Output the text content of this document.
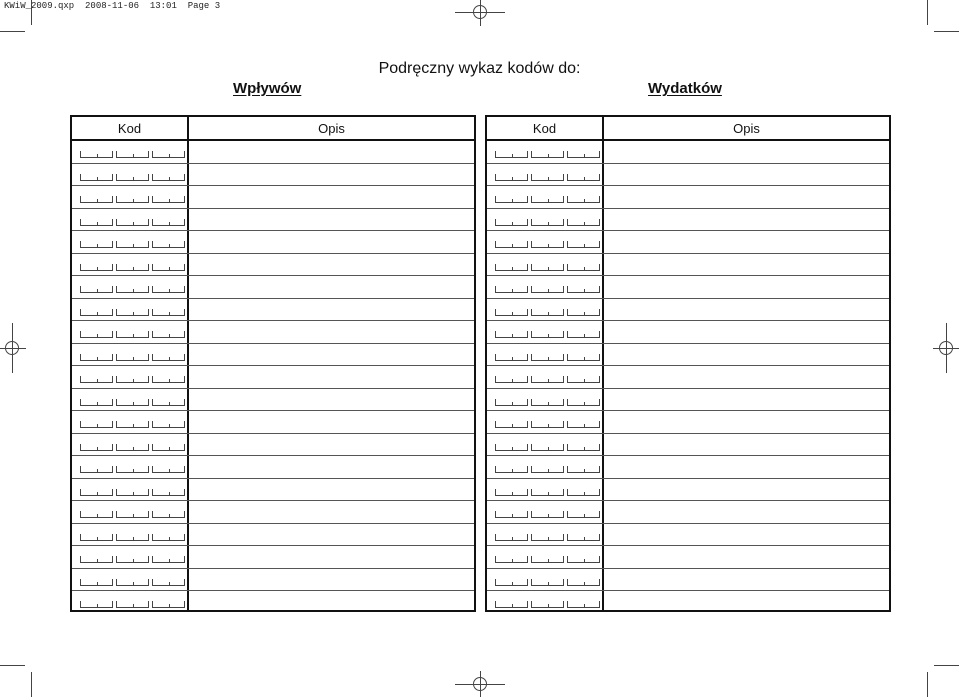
KWiW_2009.qxp 2008-11-06 13:01 Page 3
Podręczny wykaz kodów do:
Wpływów	Wydatków
Kod	Opis	Kod	Opis
